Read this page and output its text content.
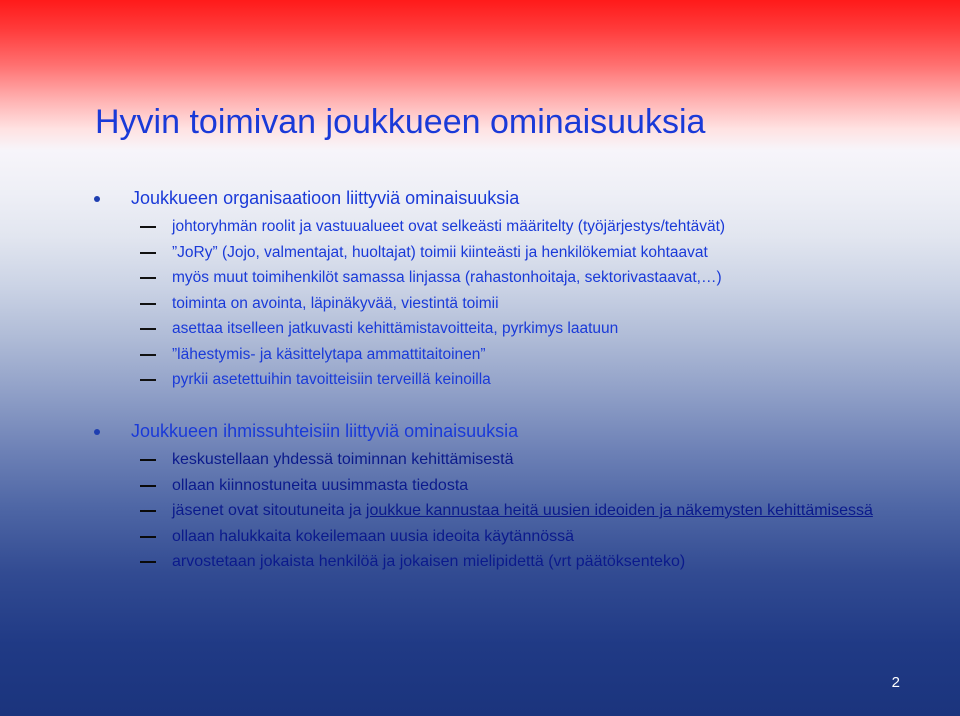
Hyvin toimivan joukkueen ominaisuuksia
Joukkueen organisaatioon liittyviä ominaisuuksia
johtoryhmän roolit ja vastuualueet ovat selkeästi määritelty (työjärjestys/tehtävät)
”JoRy” (Jojo, valmentajat, huoltajat) toimii kiinteästi ja henkilökemiat kohtaavat
myös muut toimihenkilöt samassa linjassa (rahastonhoitaja, sektorivastaavat,…)
toiminta on avointa, läpinäkyvää, viestintä toimii
asettaa itselleen jatkuvasti kehittämistavoitteita, pyrkimys laatuun
”lähestymis- ja käsittelytapa ammattitaitoinen”
pyrkii asetettuihin tavoitteisiin terveillä keinoilla
Joukkueen ihmissuhteisiin liittyviä ominaisuuksia
keskustellaan yhdessä toiminnan kehittämisestä
ollaan kiinnostuneita uusimmasta tiedosta
jäsenet ovat sitoutuneita ja joukkue kannustaa heitä uusien ideoiden ja näkemysten kehittämisessä
ollaan halukkaita kokeilemaan uusia ideoita käytännössä
arvostetaan jokaista henkilöä ja jokaisen mielipidettä (vrt päätöksenteko)
2
